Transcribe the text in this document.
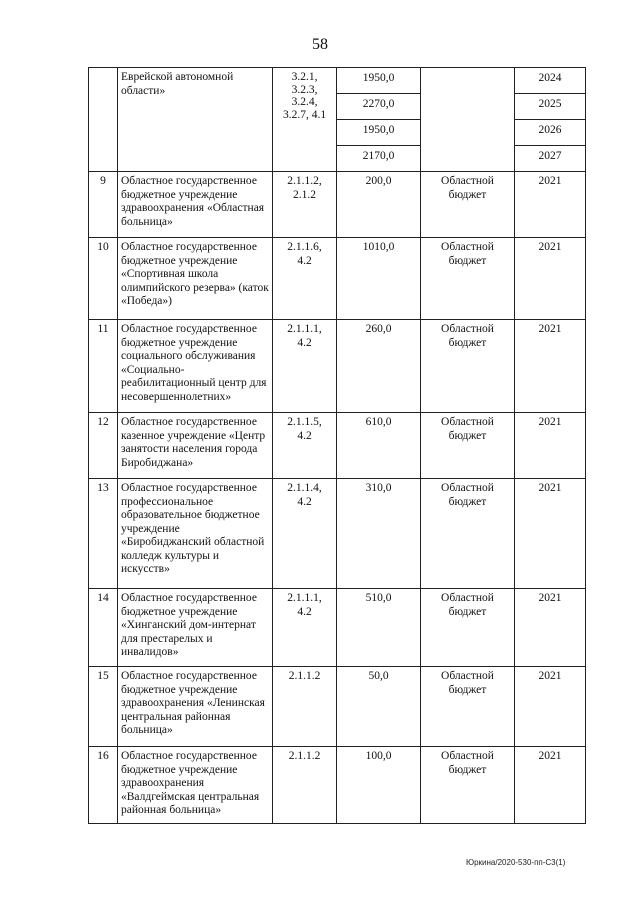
58
	Еврейской автономной области»	3.2.1,
3.2.3,
3.2.4,
3.2.7, 4.1	1950,0		2024
			2270,0		2025
			1950,0		2026
			2170,0		2027
9	Областное государственное бюджетное учреждение здравоохранения «Областная больница»	2.1.1.2,
2.1.2	200,0	Областной бюджет	2021
10	Областное государственное бюджетное учреждение «Спортивная школа олимпийского резерва» (каток «Победа»)	2.1.1.6,
4.2	1010,0	Областной бюджет	2021
11	Областное государственное бюджетное учреждение социального обслуживания «Социально-реабилитационный центр для несовершеннолетних»	2.1.1.1,
4.2	260,0	Областной бюджет	2021
12	Областное государственное казенное учреждение «Центр занятости населения города Биробиджана»	2.1.1.5,
4.2	610,0	Областной бюджет	2021
13	Областное государственное профессиональное образовательное бюджетное учреждение «Биробиджанский областной колледж культуры и искусств»	2.1.1.4,
4.2	310,0	Областной бюджет	2021
14	Областное государственное бюджетное учреждение «Хинганский дом-интернат для престарелых и инвалидов»	2.1.1.1,
4.2	510,0	Областной бюджет	2021
15	Областное государственное бюджетное учреждение здравоохранения «Ленинская центральная районная больница»	2.1.1.2	50,0	Областной бюджет	2021
16	Областное государственное бюджетное учреждение здравоохранения «Валдгеймская центральная районная больница»	2.1.1.2	100,0	Областной бюджет	2021
Юркина/2020-530-пп-С3(1)
